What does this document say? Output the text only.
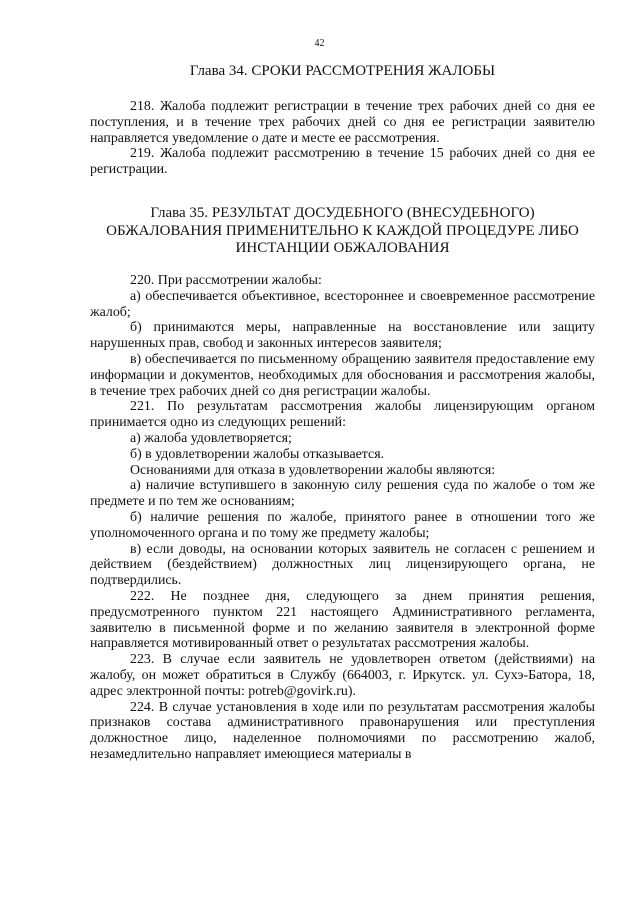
42
Глава 34. СРОКИ РАССМОТРЕНИЯ ЖАЛОБЫ

218. Жалоба подлежит регистрации в течение трех рабочих дней со дня ее поступления, и в течение трех рабочих дней со дня ее регистрации заявителю направляется уведомление о дате и месте ее рассмотрения.

219. Жалоба подлежит рассмотрению в течение 15 рабочих дней со дня ее регистрации.

Глава 35. РЕЗУЛЬТАТ ДОСУДЕБНОГО (ВНЕСУДЕБНОГО)
ОБЖАЛОВАНИЯ ПРИМЕНИТЕЛЬНО К КАЖДОЙ ПРОЦЕДУРЕ ЛИБО
ИНСТАНЦИИ ОБЖАЛОВАНИЯ

220. При рассмотрении жалобы:

а) обеспечивается объективное, всестороннее и своевременное рассмотрение жалоб;

б) принимаются меры, направленные на восстановление или защиту нарушенных прав, свобод и законных интересов заявителя;

в) обеспечивается по письменному обращению заявителя предоставление ему информации и документов, необходимых для обоснования и рассмотрения жалобы, в течение трех рабочих дней со дня регистрации жалобы.

221. По результатам рассмотрения жалобы лицензирующим органом принимается одно из следующих решений:

а) жалоба удовлетворяется;

б) в удовлетворении жалобы отказывается.

Основаниями для отказа в удовлетворении жалобы являются:

а) наличие вступившего в законную силу решения суда по жалобе о том же предмете и по тем же основаниям;

б) наличие решения по жалобе, принятого ранее в отношении того же уполномоченного органа и по тому же предмету жалобы;

в) если доводы, на основании которых заявитель не согласен с решением и действием (бездействием) должностных лиц лицензирующего органа, не подтвердились.

222. Не позднее дня, следующего за днем принятия решения, предусмотренного пунктом 221 настоящего Административного регламента, заявителю в письменной форме и по желанию заявителя в электронной форме направляется мотивированный ответ о результатах рассмотрения жалобы.

223. В случае если заявитель не удовлетворен ответом (действиями) на жалобу, он может обратиться в Службу (664003, г. Иркутск. ул. Сухэ-Батора, 18, адрес электронной почты: potreb@govirk.ru).

224. В случае установления в ходе или по результатам рассмотрения жалобы признаков состава административного правонарушения или преступления должностное лицо, наделенное полномочиями по рассмотрению жалоб, незамедлительно направляет имеющиеся материалы в
